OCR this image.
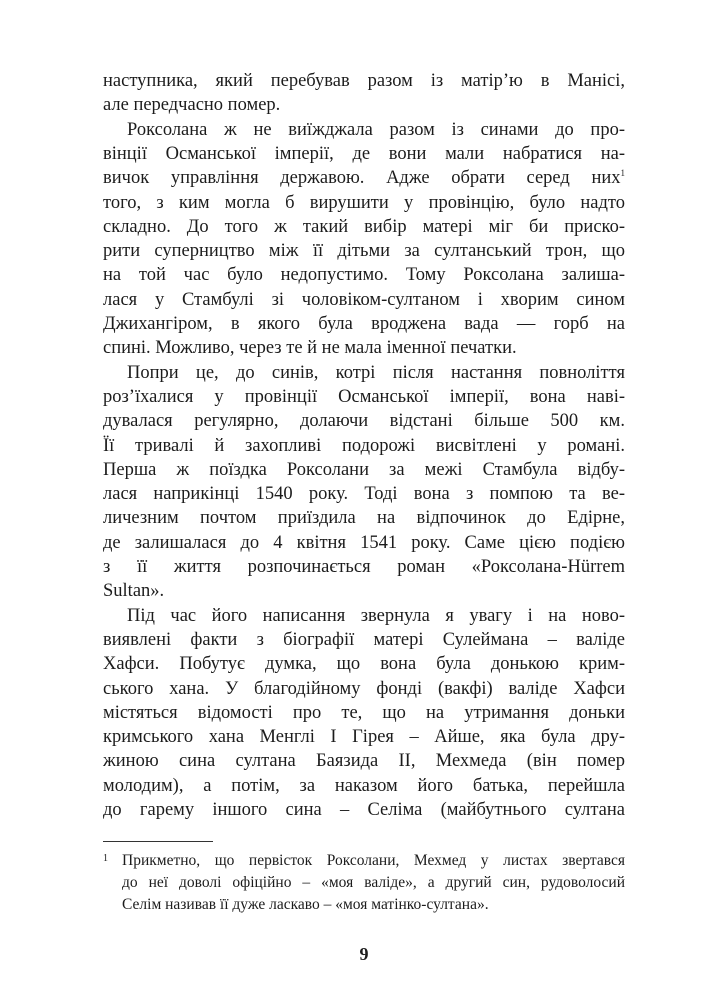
наступника, який перебував разом із матір’ю в Манісі,
але передчасно помер.
Роксолана ж не виїжджала разом із синами до про-
вінції Османської імперії, де вони мали набратися на-
вичок управління державою. Адже обрати серед них$^1$
того, з ким могла б вирушити у провінцію, було надто
складно. До того ж такий вибір матері міг би приско-
рити суперництво між її дітьми за султанський трон, що
на той час було недопустимо. Тому Роксолана залиша-
лася у Стамбулі зі чоловіком-султаном і хворим сином
Джихангіром, в якого була вроджена вада — горб на
спині. Можливо, через те й не мала іменної печатки.
Попри це, до синів, котрі після настання повноліття
роз’їхалися у провінції Османської імперії, вона наві-
дувалася регулярно, долаючи відстані більше 500 км.
Її тривалі й захопливі подорожі висвітлені у романі.
Перша ж поїздка Роксолани за межі Стамбула відбу-
лася наприкінці 1540 року. Тоді вона з помпою та ве-
личезним почтом приїздила на відпочинок до Едірне,
де залишалася до 4 квітня 1541 року. Саме цією подією
з її життя розпочинається роман «Роксолана-Hürrem
Sultan».
Під час його написання звернула я увагу і на ново-
виявлені факти з біографії матері Сулеймана – валіде
Хафси. Побутує думка, що вона була донькою крим-
ського хана. У благодійному фонді (вакфі) валіде Хафси
містяться відомості про те, що на утримання доньки
кримського хана Менглі І Гірея – Айше, яка була дру-
жиною сина султана Баязида ІІ, Мехмеда (він помер
молодим), а потім, за наказом його батька, перейшла
до гарему іншого сина – Селіма (майбутнього султана
1 Прикметно, що первісток Роксолани, Мехмед у листах звертався
до неї доволі офіційно – «моя валіде», а другий син, рудоволосий
Селім називав її дуже ласкаво – «моя матінко-султана».
9
